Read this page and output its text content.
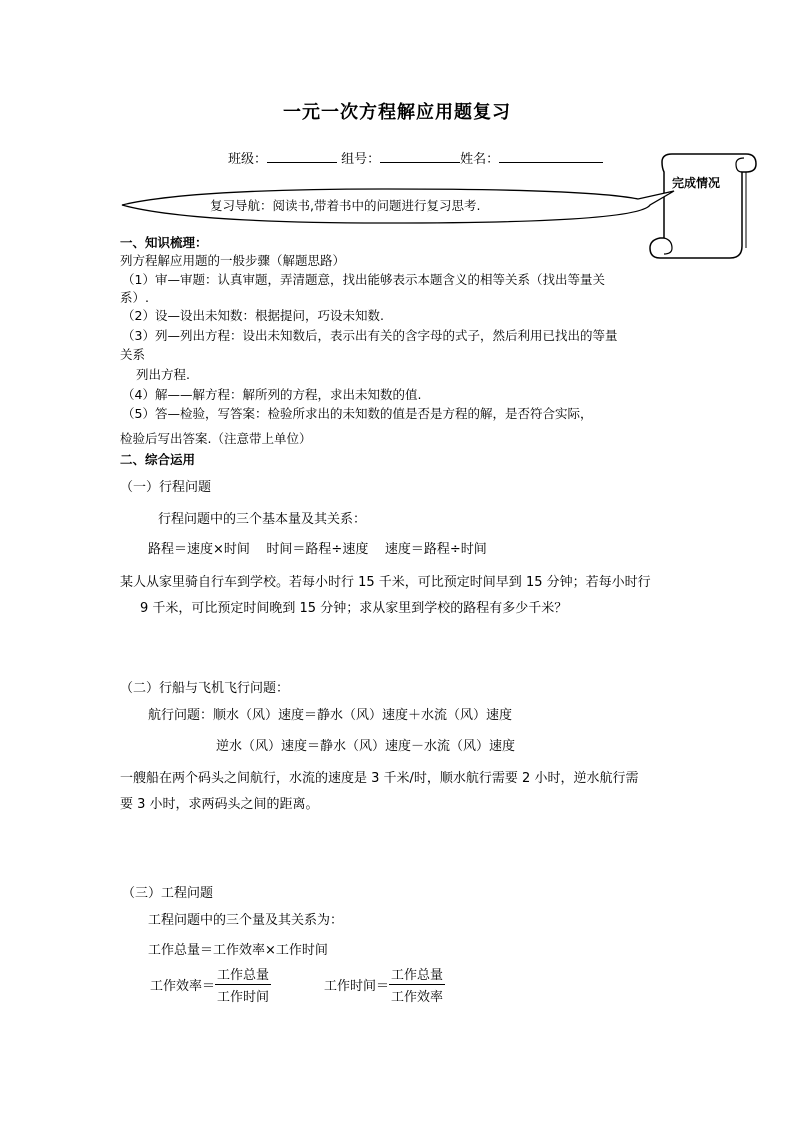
一元一次方程解应用题复习
班级：	组号：	姓名：
完成情况
复习导航：阅读书,带着书中的问题进行复习思考.
一、知识梳理：
列方程解应用题的一般步骤（解题思路）
（1）审—审题：认真审题，弄清题意，找出能够表示本题含义的相等关系（找出等量关
系）.
（2）设—设出未知数：根据提问，巧设未知数.
（3）列—列出方程：设出未知数后，表示出有关的含字母的式子，然后利用已找出的等量
关系
列出方程.
（4）解——解方程：解所列的方程，求出未知数的值.
（5）答—检验，写答案：检验所求出的未知数的值是否是方程的解，是否符合实际，
检验后写出答案.（注意带上单位）
二、综合运用
（一）行程问题
行程问题中的三个基本量及其关系：
路程＝速度×时间    时间＝路程÷速度    速度＝路程÷时间
某人从家里骑自行车到学校。若每小时行 15 千米，可比预定时间早到 15 分钟；若每小时行
9 千米，可比预定时间晚到 15 分钟；求从家里到学校的路程有多少千米？
（二）行船与飞机飞行问题：
航行问题：顺水（风）速度＝静水（风）速度＋水流（风）速度
逆水（风）速度＝静水（风）速度－水流（风）速度
一艘船在两个码头之间航行，水流的速度是 3 千米/时，顺水航行需要 2 小时，逆水航行需
要 3 小时，求两码头之间的距离。
（三）工程问题
工程问题中的三个量及其关系为：
工作总量＝工作效率×工作时间
工作效率＝ $\frac{\text{工作总量}}{\text{工作时间}}$	工作时间＝ $\frac{\text{工作总量}}{\text{工作效率}}$
